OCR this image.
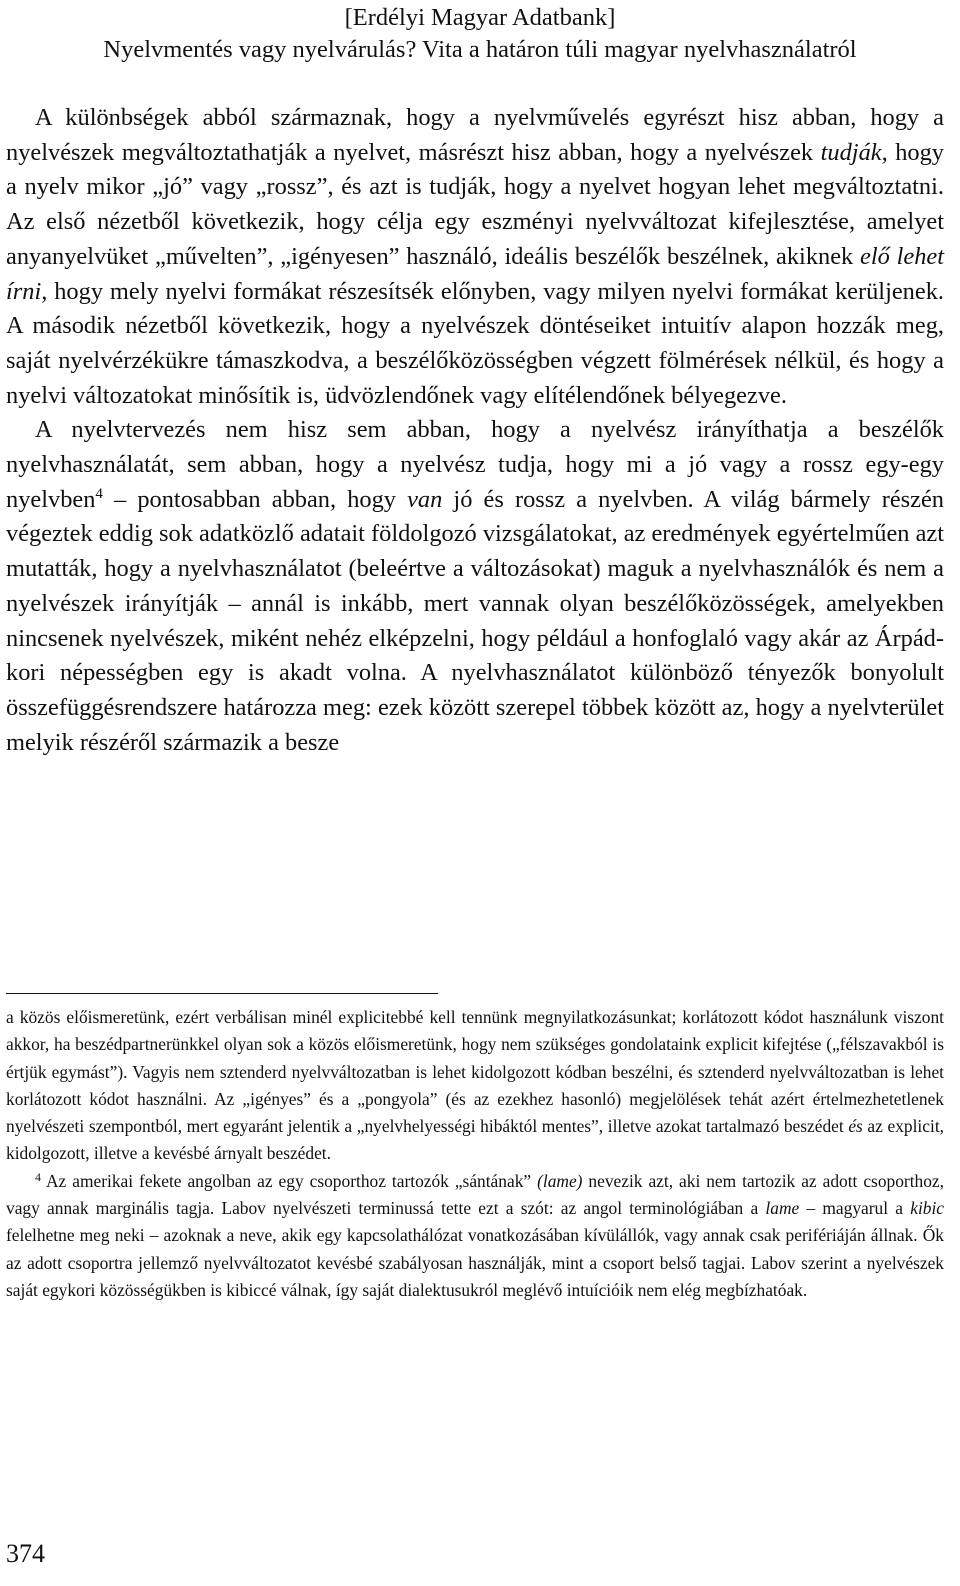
[Erdélyi Magyar Adatbank]
Nyelvmentés vagy nyelvárulás? Vita a határon túli magyar nyelvhasználatról

A különbségek abból származnak, hogy a nyelvművelés egyrészt hisz abban, hogy a nyelvészek megváltoztathatják a nyelvet, másrészt hisz abban, hogy a nyelvészek tudják, hogy a nyelv mikor „jó” vagy „rossz”, és azt is tudják, hogy a nyelvet hogyan lehet megváltoztatni. Az első nézetből következik, hogy célja egy eszményi nyelvváltozat kifejlesztése, amelyet anyanyelvüket „művelten”, „igényesen” használó, ideális beszélők beszélnek, akiknek elő lehet írni, hogy mely nyelvi formákat részesítsék előnyben, vagy milyen nyelvi formákat kerüljenek. A második nézetből következik, hogy a nyelvészek döntéseiket intuitív alapon hozzák meg, saját nyelvérzékükre támaszkodva, a beszélőközösségben végzett fölmérések nélkül, és hogy a nyelvi változatokat minősítik is, üdvözlendőnek vagy elítélendőnek bélyegezve.

A nyelvtervezés nem hisz sem abban, hogy a nyelvész irányíthatja a beszélők nyelvhasználatát, sem abban, hogy a nyelvész tudja, hogy mi a jó vagy a rossz egy-egy nyelvben$^4$ – pontosabban abban, hogy van jó és rossz a nyelvben. A világ bármely részén végeztek eddig sok adatközlő adatait földolgozó vizsgálatokat, az eredmények egyértelműen azt mutatták, hogy a nyelvhasználatot (beleértve a változásokat) maguk a nyelvhasználók és nem a nyelvészek irányítják – annál is inkább, mert vannak olyan beszélőközösségek, amelyekben nincsenek nyelvészek, miként nehéz elképzelni, hogy például a honfoglaló vagy akár az Árpád-kori népességben egy is akadt volna. A nyelvhasználatot különböző tényezők bonyolult összefüggésrendszere határozza meg: ezek között szerepel többek között az, hogy a nyelvterület melyik részéről származik a besze

a közös előismeretünk, ezért verbálisan minél explicitebbé kell tennünk megnyilatkozásunkat; korlátozott kódot használunk viszont akkor, ha beszédpartnerünkkel olyan sok a közös előismeretünk, hogy nem szükséges gondolataink explicit kifejtése („félszavakból is értjük egymást”). Vagyis nem sztenderd nyelvváltozatban is lehet kidolgozott kódban beszélni, és sztenderd nyelvváltozatban is lehet korlátozott kódot használni. Az „igényes” és a „pongyola” (és az ezekhez hasonló) megjelölések tehát azért értelmezhetetlenek nyelvészeti szempontból, mert egyaránt jelentik a „nyelvhelyességi hibáktól mentes”, illetve azokat tartalmazó beszédet és az explicit, kidolgozott, illetve a kevésbé árnyalt beszédet.

$^4$ Az amerikai fekete angolban az egy csoporthoz tartozók „sántának” (lame) nevezik azt, aki nem tartozik az adott csoporthoz, vagy annak marginális tagja. Labov nyelvészeti terminussá tette ezt a szót: az angol terminológiában a lame – magyarul a kibic felelhetne meg neki – azoknak a neve, akik egy kapcsolathálózat vonatkozásában kívülállók, vagy annak csak perifériáján állnak. Ők az adott csoportra jellemző nyelvváltozatot kevésbé szabályosan használják, mint a csoport belső tagjai. Labov szerint a nyelvészek saját egykori közösségükben is kibiccé válnak, így saját dialektusukról meglévő intuícióik nem elég megbízhatóak.

374
